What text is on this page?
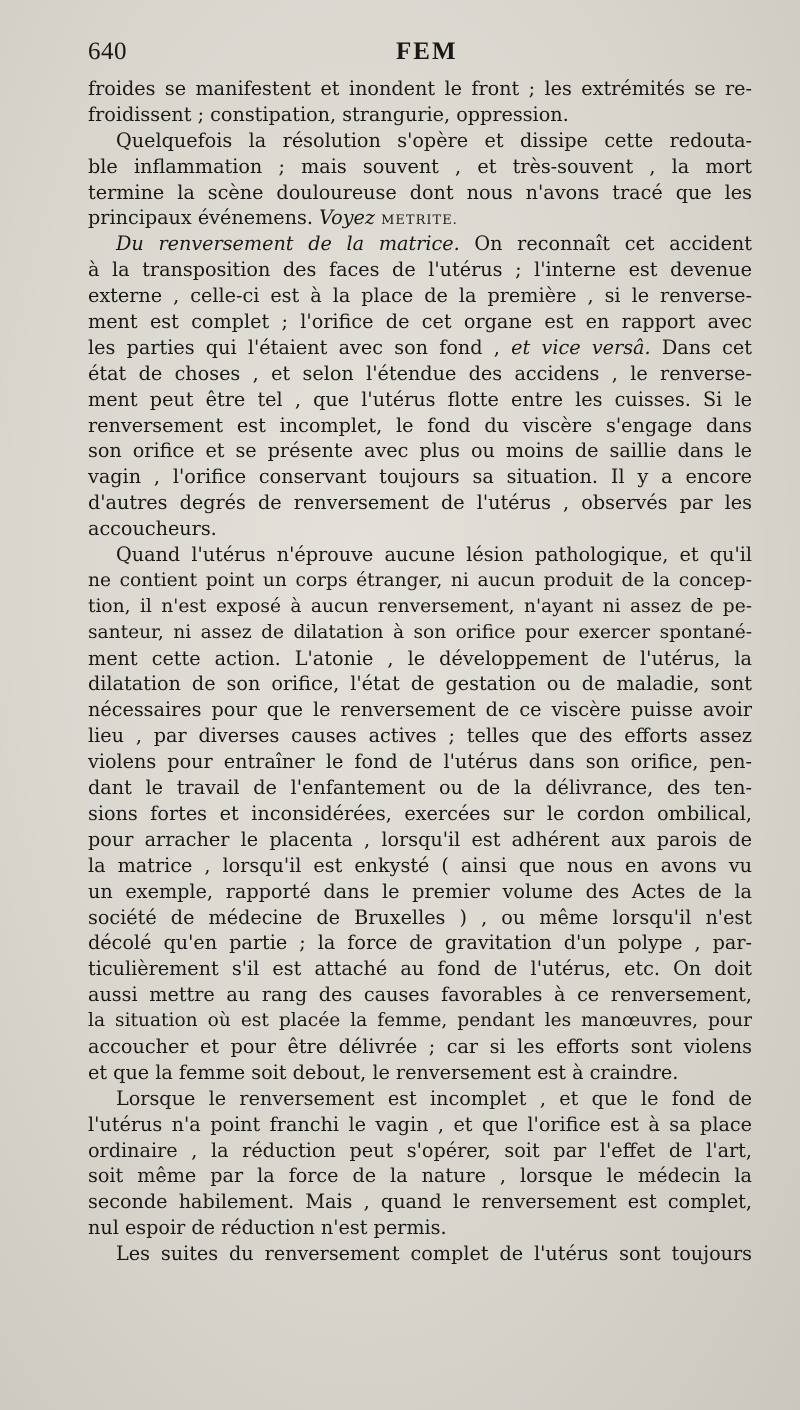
640	FEM
froides se manifestent et inondent le front ; les extrémités se re-
froidissent ; constipation, strangurie, oppression.
Quelquefois la résolution s'opère et dissipe cette redouta-
ble inflammation ; mais souvent , et très-souvent , la mort
termine la scène douloureuse dont nous n'avons tracé que les
principaux événemens. Voyez METRITE.
Du renversement de la matrice. On reconnaît cet accident
à la transposition des faces de l'utérus ; l'interne est devenue
externe , celle-ci est à la place de la première , si le renverse-
ment est complet ; l'orifice de cet organe est en rapport avec
les parties qui l'étaient avec son fond , et vice versâ. Dans cet
état de choses , et selon l'étendue des accidens , le renverse-
ment peut être tel , que l'utérus flotte entre les cuisses. Si le
renversement est incomplet, le fond du viscère s'engage dans
son orifice et se présente avec plus ou moins de saillie dans le
vagin , l'orifice conservant toujours sa situation. Il y a encore
d'autres degrés de renversement de l'utérus , observés par les
accoucheurs.
Quand l'utérus n'éprouve aucune lésion pathologique, et qu'il
ne contient point un corps étranger, ni aucun produit de la concep-
tion, il n'est exposé à aucun renversement, n'ayant ni assez de pe-
santeur, ni assez de dilatation à son orifice pour exercer spontané-
ment cette action. L'atonie , le développement de l'utérus, la
dilatation de son orifice, l'état de gestation ou de maladie, sont
nécessaires pour que le renversement de ce viscère puisse avoir
lieu , par diverses causes actives ; telles que des efforts assez
violens pour entraîner le fond de l'utérus dans son orifice, pen-
dant le travail de l'enfantement ou de la délivrance, des ten-
sions fortes et inconsidérées, exercées sur le cordon ombilical,
pour arracher le placenta , lorsqu'il est adhérent aux parois de
la matrice , lorsqu'il est enkysté ( ainsi que nous en avons vu
un exemple, rapporté dans le premier volume des Actes de la
société de médecine de Bruxelles ) , ou même lorsqu'il n'est
décolé qu'en partie ; la force de gravitation d'un polype , par-
ticulièrement s'il est attaché au fond de l'utérus, etc. On doit
aussi mettre au rang des causes favorables à ce renversement,
la situation où est placée la femme, pendant les manœuvres, pour
accoucher et pour être délivrée ; car si les efforts sont violens
et que la femme soit debout, le renversement est à craindre.
Lorsque le renversement est incomplet , et que le fond de
l'utérus n'a point franchi le vagin , et que l'orifice est à sa place
ordinaire , la réduction peut s'opérer, soit par l'effet de l'art,
soit même par la force de la nature , lorsque le médecin la
seconde habilement. Mais , quand le renversement est complet,
nul espoir de réduction n'est permis.
Les suites du renversement complet de l'utérus sont toujours
